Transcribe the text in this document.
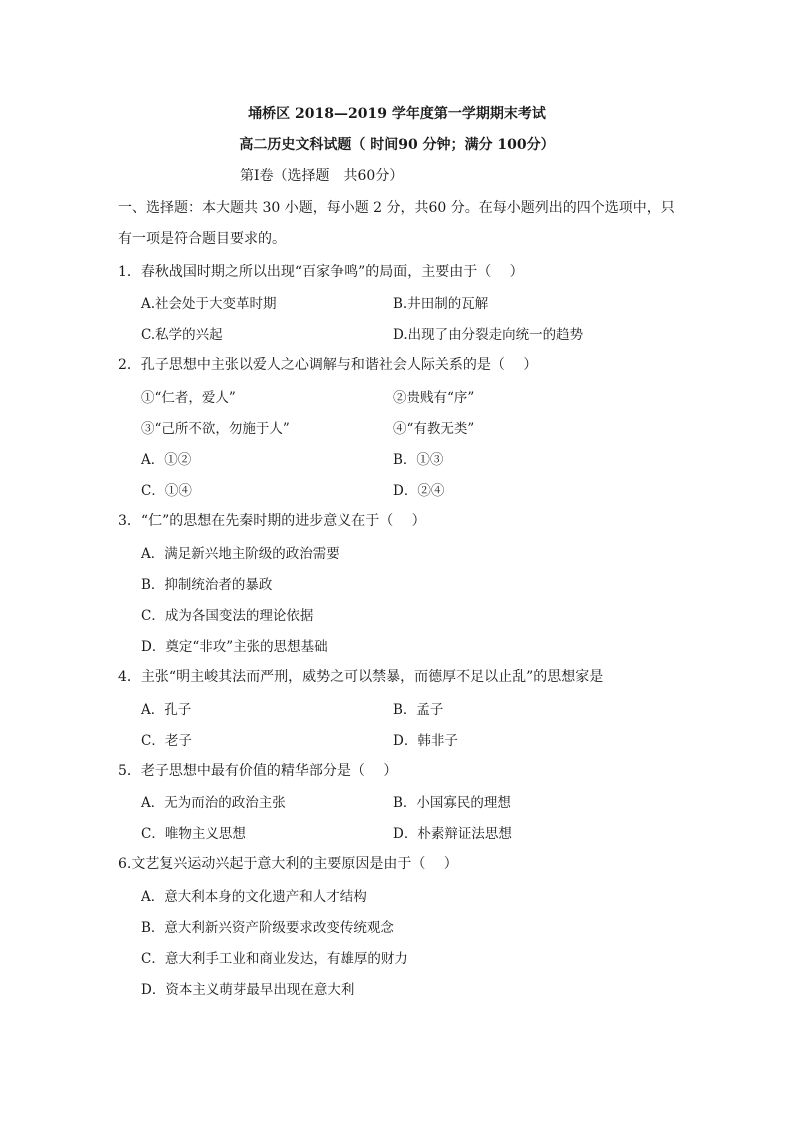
埇桥区 2018—2019 学年度第一学期期末考试
高二历史文科试题（ 时间90 分钟；满分 100分）
第Ⅰ卷（选择题　共60分）
一、选择题：本大题共 30 小题，每小题 2 分，共60 分。在每小题列出的四个选项中，只有一项是符合题目要求的。
1．春秋战国时期之所以出现“百家争鸣”的局面，主要由于（　 ）
A.社会处于大变革时期	B.井田制的瓦解
C.私学的兴起	D.出现了由分裂走向统一的趋势
2．孔子思想中主张以爱人之心调解与和谐社会人际关系的是（　 ）
①“仁者，爱人”	②贵贱有“序”
③“己所不欲，勿施于人”	④“有教无类”
A．①②	B．①③
C．①④	D．②④
3．“仁”的思想在先秦时期的进步意义在于（　 ）
A．满足新兴地主阶级的政治需要
B．抑制统治者的暴政
C．成为各国变法的理论依据
D．奠定“非攻”主张的思想基础
4．主张“明主峻其法而严刑，威势之可以禁暴，而德厚不足以止乱”的思想家是
A．孔子	B．孟子
C．老子	D．韩非子
5．老子思想中最有价值的精华部分是（　 ）
A．无为而治的政治主张	B．小国寡民的理想
C．唯物主义思想	D．朴素辩证法思想
6.文艺复兴运动兴起于意大利的主要原因是由于（　 ）
A．意大利本身的文化遗产和人才结构
B．意大利新兴资产阶级要求改变传统观念
C．意大利手工业和商业发达，有雄厚的财力
D．资本主义萌芽最早出现在意大利
